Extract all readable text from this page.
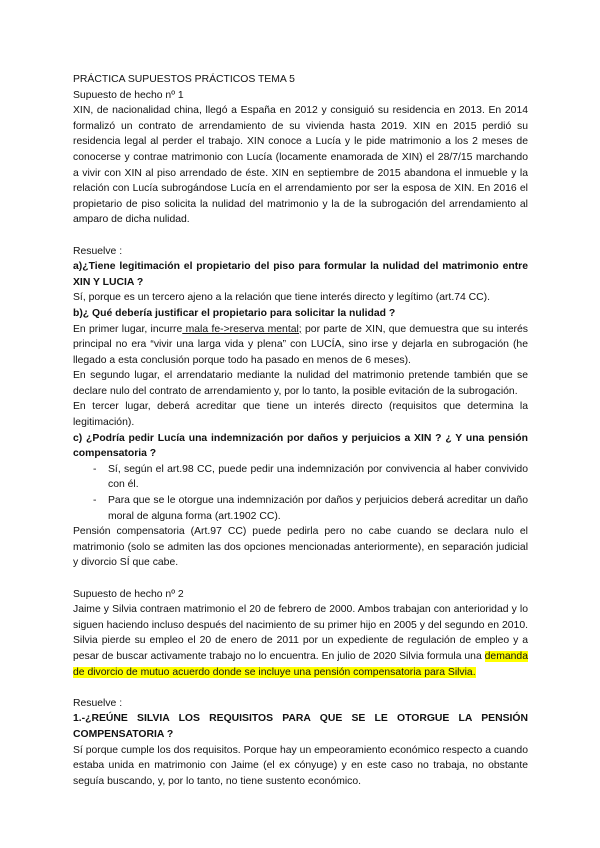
PRÁCTICA SUPUESTOS PRÁCTICOS TEMA 5

Supuesto de hecho nº 1

XIN, de nacionalidad china, llegó a España en 2012 y consiguió su residencia en 2013. En 2014 formalizó un contrato de arrendamiento de su vivienda hasta 2019. XIN en 2015 perdió su residencia legal al perder el trabajo. XIN conoce a Lucía y le pide matrimonio a los 2 meses de conocerse y contrae matrimonio con Lucía (locamente enamorada de XIN) el 28/7/15 marchando a vivir con XIN al piso arrendado de éste. XIN en septiembre de 2015 abandona el inmueble y la relación con Lucía subrogándose Lucía en el arrendamiento por ser la esposa de XIN. En 2016 el propietario de piso solicita la nulidad del matrimonio y la de la subrogación del arrendamiento al amparo de dicha nulidad.

Resuelve :

a)¿Tiene legitimación el propietario del piso para formular la nulidad del matrimonio entre XIN Y LUCIA ?

Sí, porque es un tercero ajeno a la relación que tiene interés directo y legítimo (art.74 CC).

b)¿ Qué debería justificar el propietario para solicitar la nulidad ?

En primer lugar, incurre mala fe->reserva mental; por parte de XIN, que demuestra que su interés principal no era “vivir una larga vida y plena” con LUCÍA, sino irse y dejarla en subrogación (he llegado a esta conclusión porque todo ha pasado en menos de 6 meses).

En segundo lugar, el arrendatario mediante la nulidad del matrimonio pretende también que se declare nulo del contrato de arrendamiento y, por lo tanto, la posible evitación de la subrogación.

En tercer lugar, deberá acreditar que tiene un interés directo (requisitos que determina la legitimación).

c) ¿Podría pedir Lucía una indemnización por daños y perjuicios a XIN ? ¿ Y una pensión compensatoria ?

- Sí, según el art.98 CC, puede pedir una indemnización por convivencia al haber convivido con él.
- Para que se le otorgue una indemnización por daños y perjuicios deberá acreditar un daño moral de alguna forma (art.1902 CC).

Pensión compensatoria (Art.97 CC) puede pedirla pero no cabe cuando se declara nulo el matrimonio (solo se admiten las dos opciones mencionadas anteriormente), en separación judicial y divorcio SÍ que cabe.

Supuesto de hecho nº 2

Jaime y Silvia contraen matrimonio el 20 de febrero de 2000. Ambos trabajan con anterioridad y lo siguen haciendo incluso después del nacimiento de su primer hijo en 2005 y del segundo en 2010. Silvia pierde su empleo el 20 de enero de 2011 por un expediente de regulación de empleo y a pesar de buscar activamente trabajo no lo encuentra. En julio de 2020 Silvia formula una demanda de divorcio de mutuo acuerdo donde se incluye una pensión compensatoria para Silvia.

Resuelve :

1.-¿REÚNE SILVIA LOS REQUISITOS PARA QUE SE LE OTORGUE LA PENSIÓN COMPENSATORIA ?

Sí porque cumple los dos requisitos. Porque hay un empeoramiento económico respecto a cuando estaba unida en matrimonio con Jaime (el ex cónyuge) y en este caso no trabaja, no obstante seguía buscando, y, por lo tanto, no tiene sustento económico.
